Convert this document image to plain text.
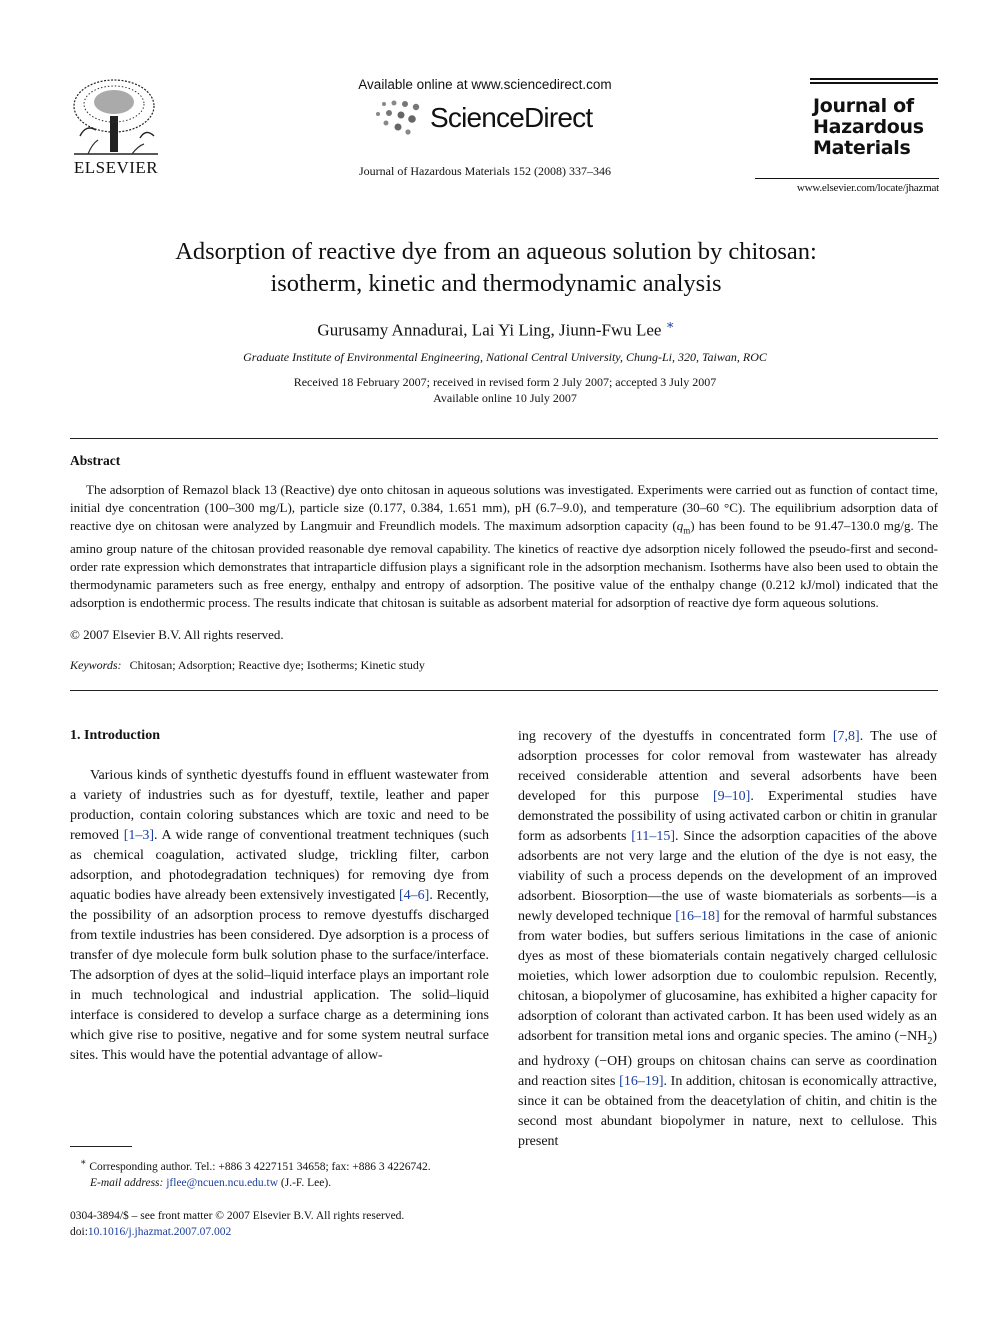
ELSEVIER
Available online at www.sciencedirect.com
ScienceDirect
Journal of Hazardous Materials 152 (2008) 337–346
Journal of
Hazardous
Materials
www.elsevier.com/locate/jhazmat
Adsorption of reactive dye from an aqueous solution by chitosan:
isotherm, kinetic and thermodynamic analysis
Gurusamy Annadurai, Lai Yi Ling, Jiunn-Fwu Lee ∗
Graduate Institute of Environmental Engineering, National Central University, Chung-Li, 320, Taiwan, ROC
Received 18 February 2007; received in revised form 2 July 2007; accepted 3 July 2007
Available online 10 July 2007
Abstract
The adsorption of Remazol black 13 (Reactive) dye onto chitosan in aqueous solutions was investigated. Experiments were carried out as function of contact time, initial dye concentration (100–300 mg/L), particle size (0.177, 0.384, 1.651 mm), pH (6.7–9.0), and temperature (30–60 °C). The equilibrium adsorption data of reactive dye on chitosan were analyzed by Langmuir and Freundlich models. The maximum adsorption capacity $(q_m)$ has been found to be 91.47–130.0 mg/g. The amino group nature of the chitosan provided reasonable dye removal capability. The kinetics of reactive dye adsorption nicely followed the pseudo-first and second-order rate expression which demonstrates that intraparticle diffusion plays a significant role in the adsorption mechanism. Isotherms have also been used to obtain the thermodynamic parameters such as free energy, enthalpy and entropy of adsorption. The positive value of the enthalpy change (0.212 kJ/mol) indicated that the adsorption is endothermic process. The results indicate that chitosan is suitable as adsorbent material for adsorption of reactive dye form aqueous solutions.
© 2007 Elsevier B.V. All rights reserved.
Keywords: Chitosan; Adsorption; Reactive dye; Isotherms; Kinetic study
1. Introduction
Various kinds of synthetic dyestuffs found in effluent wastewater from a variety of industries such as for dyestuff, textile, leather and paper production, contain coloring substances which are toxic and need to be removed [1–3]. A wide range of conventional treatment techniques (such as chemical coagulation, activated sludge, trickling filter, carbon adsorption, and photodegradation techniques) for removing dye from aquatic bodies have already been extensively investigated [4–6]. Recently, the possibility of an adsorption process to remove dyestuffs discharged from textile industries has been considered. Dye adsorption is a process of transfer of dye molecule form bulk solution phase to the surface/interface. The adsorption of dyes at the solid–liquid interface plays an important role in much technological and industrial application. The solid–liquid interface is considered to develop a surface charge as a determining ions which give rise to positive, negative and for some system neutral surface sites. This would have the potential advantage of allow-
ing recovery of the dyestuffs in concentrated form [7,8]. The use of adsorption processes for color removal from wastewater has already received considerable attention and several adsorbents have been developed for this purpose [9–10]. Experimental studies have demonstrated the possibility of using activated carbon or chitin in granular form as adsorbents [11–15]. Since the adsorption capacities of the above adsorbents are not very large and the elution of the dye is not easy, the viability of such a process depends on the development of an improved adsorbent. Biosorption—the use of waste biomaterials as sorbents—is a newly developed technique [16–18] for the removal of harmful substances from water bodies, but suffers serious limitations in the case of anionic dyes as most of these biomaterials contain negatively charged cellulosic moieties, which lower adsorption due to coulombic repulsion. Recently, chitosan, a biopolymer of glucosamine, has exhibited a higher capacity for adsorption of colorant than activated carbon. It has been used widely as an adsorbent for transition metal ions and organic species. The amino $(-NH_2)$ and hydroxy (−OH) groups on chitosan chains can serve as coordination and reaction sites [16–19]. In addition, chitosan is economically attractive, since it can be obtained from the deacetylation of chitin, and chitin is the second most abundant biopolymer in nature, next to cellulose. This present
∗ Corresponding author. Tel.: +886 3 4227151 34658; fax: +886 3 4226742.
E-mail address: jflee@ncuen.ncu.edu.tw (J.-F. Lee).
0304-3894/$ – see front matter © 2007 Elsevier B.V. All rights reserved.
doi:10.1016/j.jhazmat.2007.07.002
